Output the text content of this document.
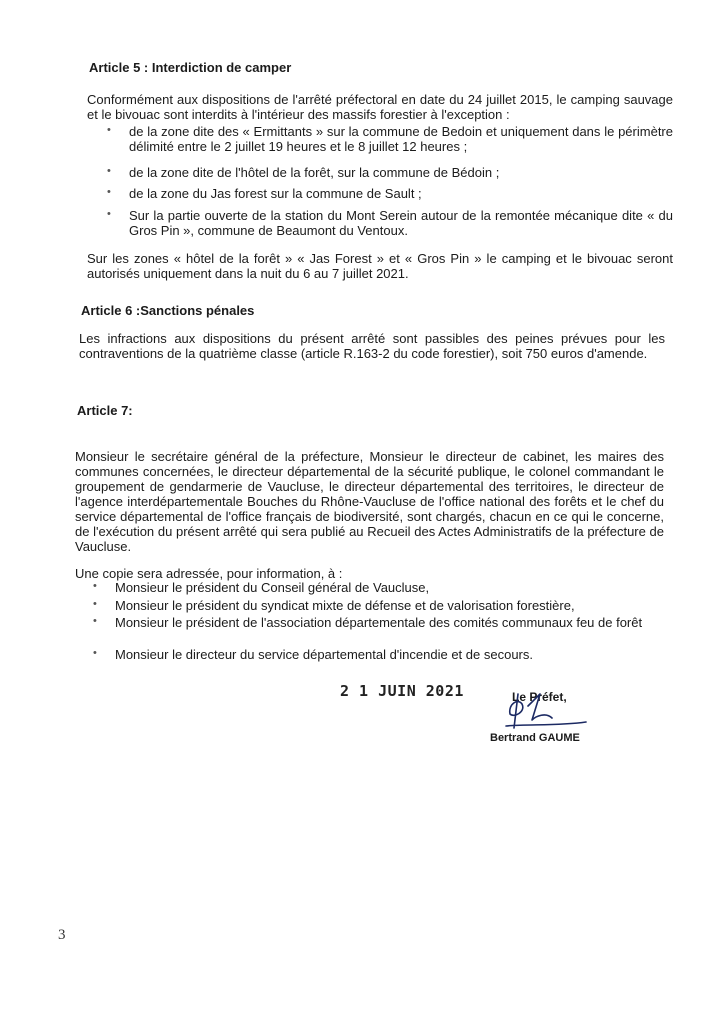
Article 5 : Interdiction de camper
Conformément aux dispositions de l'arrêté préfectoral en date du 24 juillet 2015, le camping sauvage et le bivouac sont interdits à l'intérieur des massifs forestier à l'exception :
• de la zone dite des « Ermittants » sur la commune de Bedoin et uniquement dans le périmètre délimité entre le 2 juillet 19 heures et le 8 juillet 12 heures ;
• de la zone dite de l'hôtel de la forêt, sur la commune de Bédoin ;
• de la zone du Jas forest sur la commune de Sault ;
• Sur la partie ouverte de la station du Mont Serein autour de la remontée mécanique dite « du Gros Pin », commune de Beaumont du Ventoux.
Sur les zones « hôtel de la forêt » « Jas Forest » et « Gros Pin » le camping et le bivouac seront autorisés uniquement dans la nuit du 6 au 7 juillet 2021.
Article 6 :Sanctions pénales
Les infractions aux dispositions du présent arrêté sont passibles des peines prévues pour les contraventions de la quatrième classe (article R.163-2 du code forestier), soit 750 euros d'amende.
Article 7:
Monsieur le secrétaire général de la préfecture, Monsieur le directeur de cabinet, les maires des communes concernées, le directeur départemental de la sécurité publique, le colonel commandant le groupement de gendarmerie de Vaucluse, le directeur départemental des territoires, le directeur de l'agence interdépartementale Bouches du Rhône-Vaucluse de l'office national des forêts et le chef du service départemental de l'office français de biodiversité, sont chargés, chacun en ce qui le concerne, de l'exécution du présent arrêté qui sera publié au Recueil des Actes Administratifs de la préfecture de Vaucluse.
Une copie sera adressée, pour information, à :
• Monsieur le président du Conseil général de Vaucluse,
• Monsieur le président du syndicat mixte de défense et de valorisation forestière,
• Monsieur le président de l'association départementale des comités communaux feu de forêt
• Monsieur le directeur du service départemental d'incendie et de secours.
2 1 JUIN 2021	Le Préfet,
Bertrand GAUME
3
